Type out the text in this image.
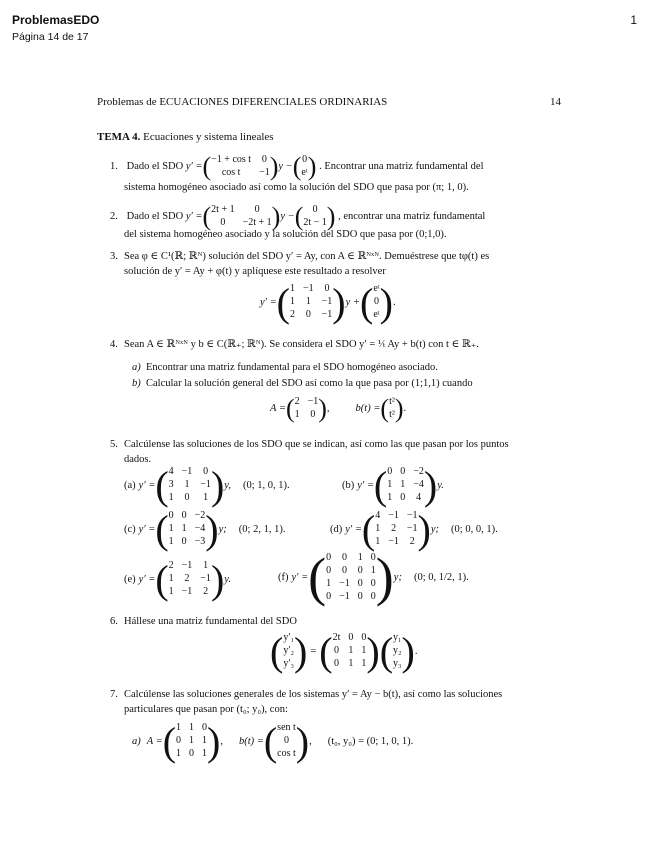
ProblemasEDO	1
Página 14 de 17
Problemas de ECUACIONES DIFERENCIALES ORDINARIAS	14
TEMA 4. Ecuaciones y sistema lineales
1. Dado el SDO y′ = ( −1 + cos t 0
cos t	−1 ) y − ( 0
eᵗ ) . Encontrar una matriz fundamental del
sistema homogéneo asociado así como la solución del SDO que pasa por (π; 1, 0).
2. Dado el SDO y′ = ( 2t + 1	0
0	−2t + 1 ) y − ( 0
2t − 1 ) , encontrar una matriz fundamental
del sistema homogéneo asociado y la solución del SDO que pasa por (0;1,0).
3. Sea φ ∈ C¹(ℝ; ℝᴺ) solución del SDO y′ = Ay, con A ∈ ℝᴺˣᴺ. Demuéstrese que tφ(t) es
solución de y′ = Ay + φ(t) y aplíquese este resultado a resolver
y′ = ( 1 −1 0
1 1 −1
2 0 −1 ) y + ( eᵗ
0
eᵗ ) .
4. Sean A ∈ ℝᴺˣᴺ y b ∈ C(ℝ₊; ℝᴺ). Se considera el SDO y′ = ¹⁄ₜ Ay + b(t) con t ∈ ℝ₊.
a) Encontrar una matriz fundamental para el SDO homogéneo asociado.
b) Calcular la solución general del SDO así como la que pasa por (1;1,1) cuando
A = ( 2 −1
1 0 ) , b(t) = ( t²
t² ) .
5. Calcúlense las soluciones de los SDO que se indican, así como las que pasan por los puntos
dados.
(a) y′ = ( 4 −1 0
3 1 −1
1 0 1 ) y, (0; 1, 0, 1).	(b) y′ = ( 0 0 −2
1 1 −4
1 0 4 ) y.
(c) y′ = ( 0 0 −2
1 1 −4
1 0 −3 ) y; (0; 2, 1, 1).	(d) y′ = ( 4 −1 −1
1 2 −1
1 −1 2 ) y; (0; 0, 0, 1).
(e) y′ = ( 2 −1 1
1 2 −1
1 −1 2 ) y.	(f) y′ = ( 0 0 1 0
0 0 0 1
1 −1 0 0
0 −1 0 0 ) y; (0; 0, 1/2, 1).
6. Hállese una matriz fundamental del SDO
( y′₁
y′₂
y′₃ ) = ( 2t 0 0
0 1 1
0 1 1 ) ( y₁
y₂
y₃ ) .
7. Calcúlense las soluciones generales de los sistemas y′ = Ay − b(t), así como las soluciones
particulares que pasan por (t₀; y₀), con:
a) A = ( 1 1 0
0 1 1
1 0 1 ) , b(t) = ( sen t
0
cos t ) , (t₀, y₀) = (0; 1, 0, 1).
